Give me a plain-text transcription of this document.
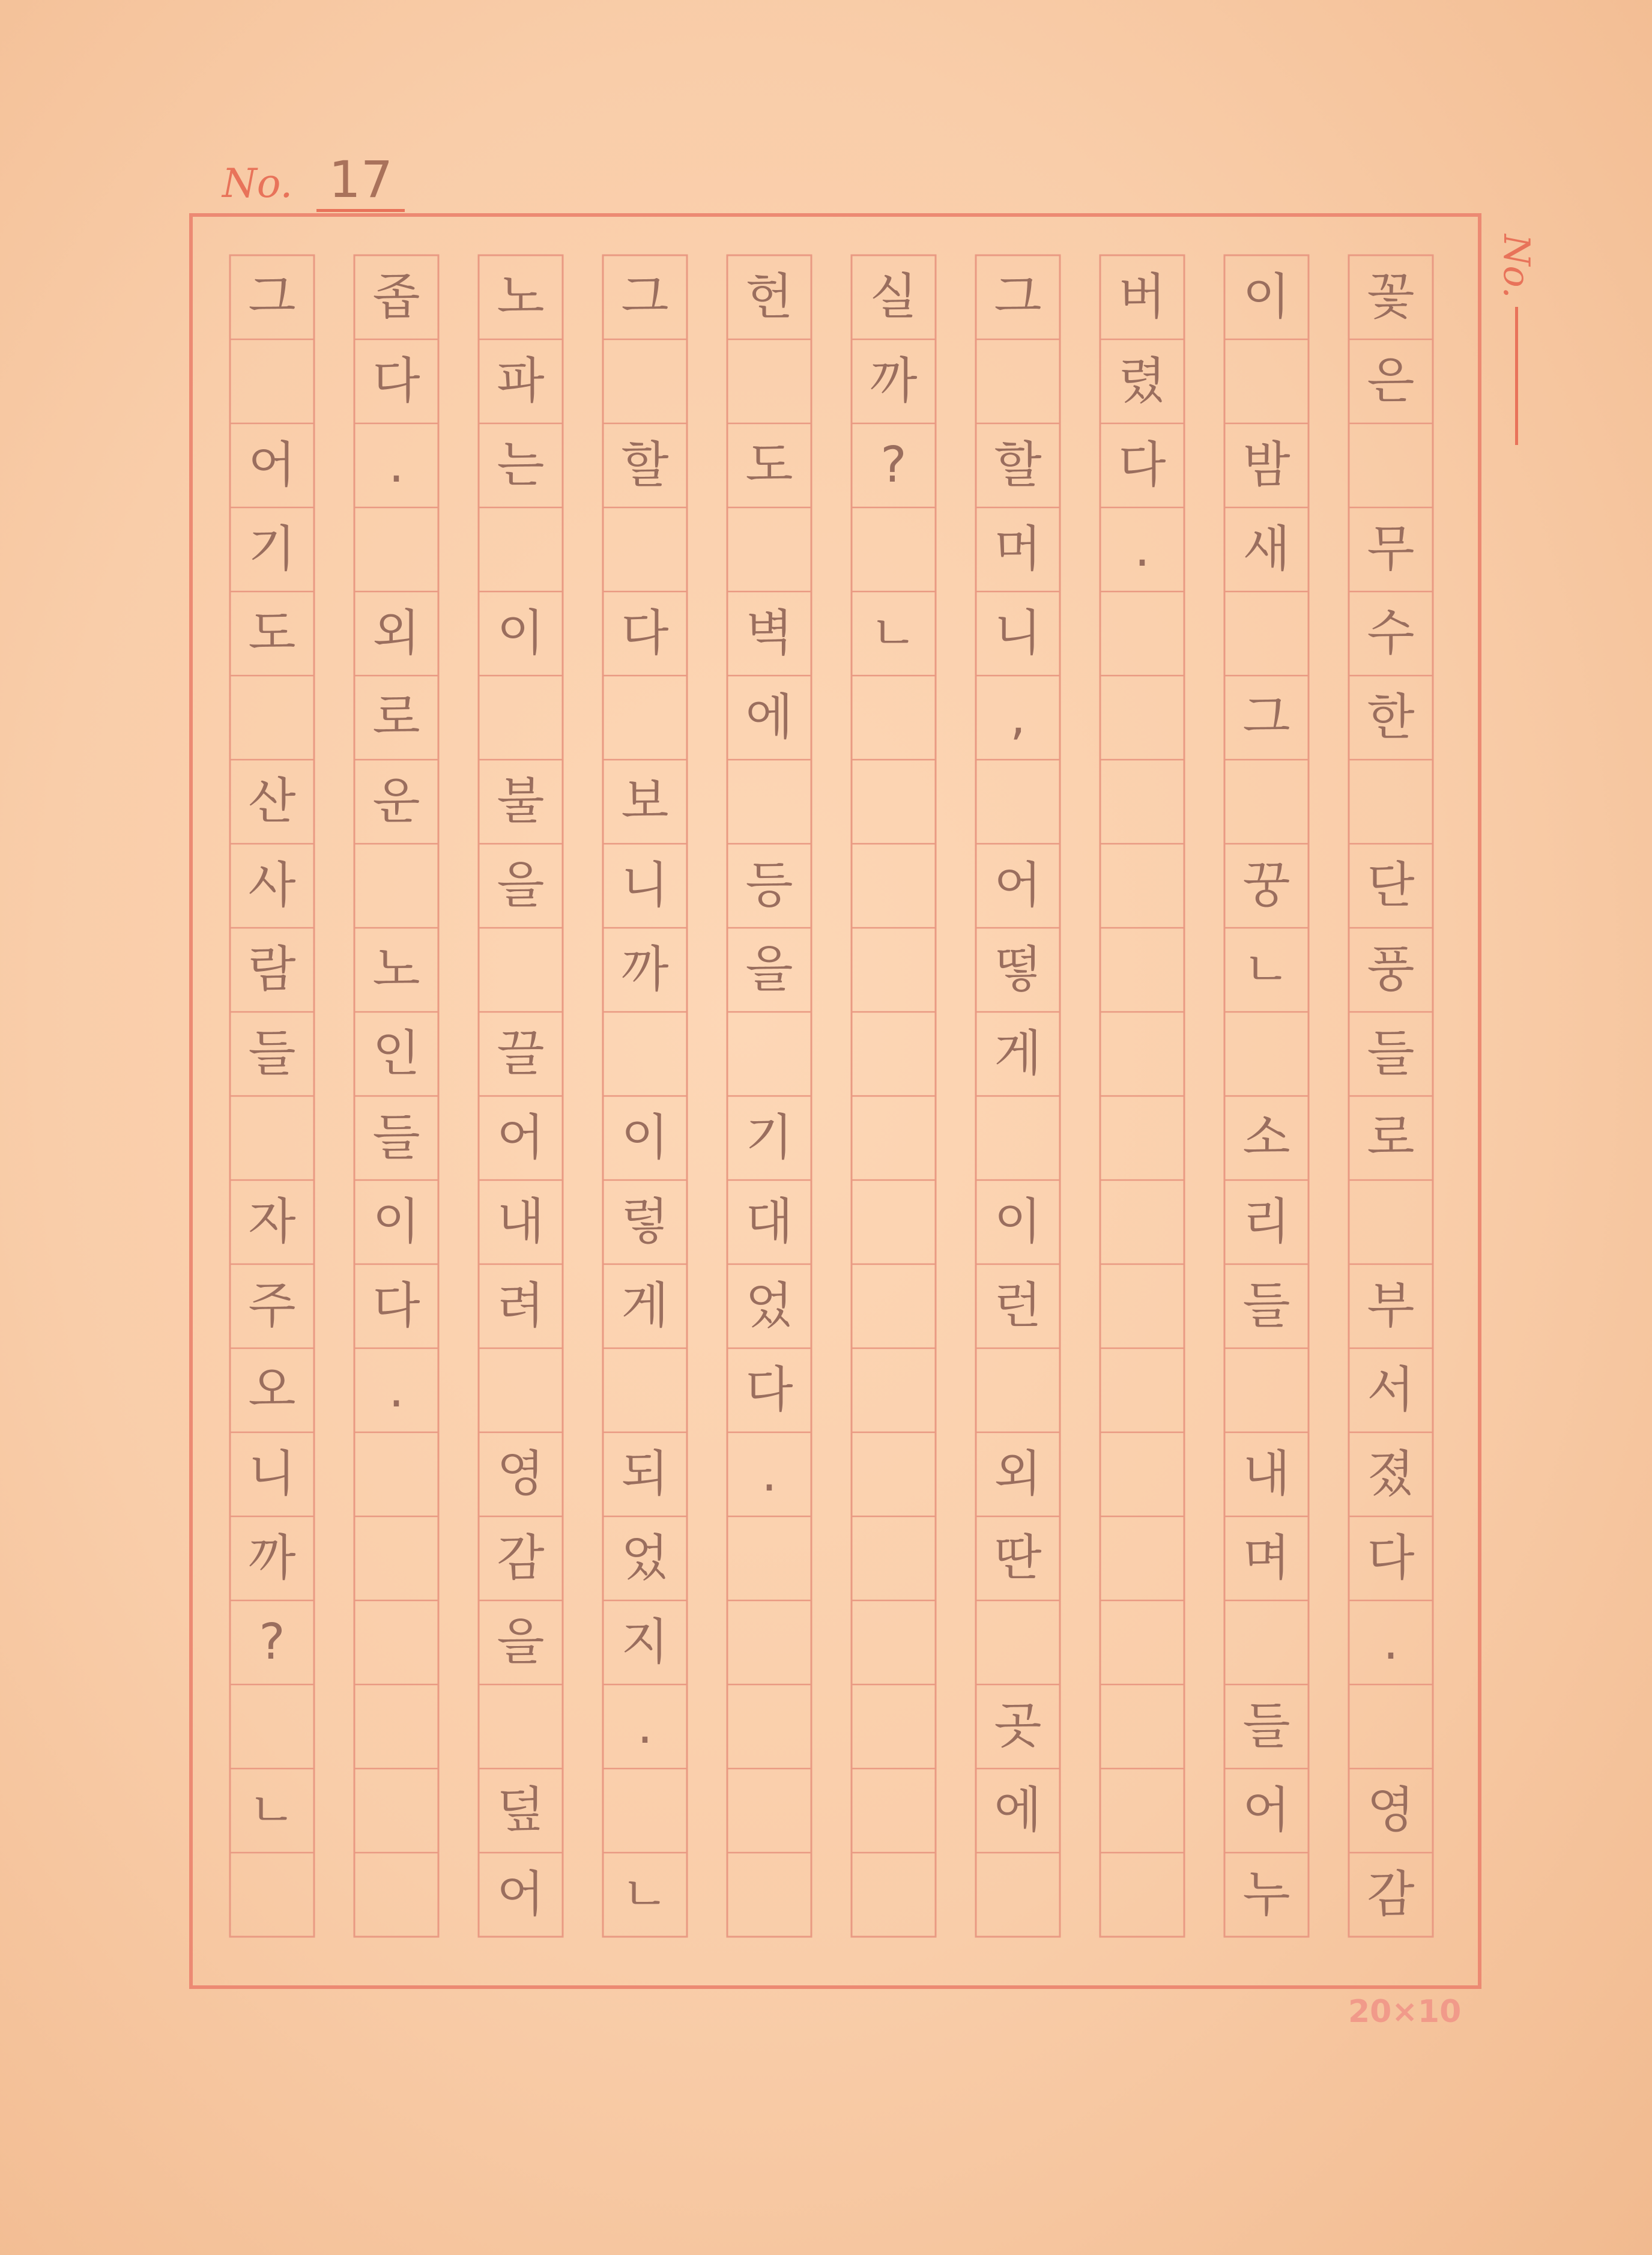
No. 17
No.
꽃
은
무
수
한
단
풍
들
로
부
서
졌
다
.
영
감
이
밤
새
그
꿍
ㄴ
소
리
들
내
며
들
어
누
버
렸
다
.
그
할
머
니
,
어
떻
게
이
런
외
딴
곳
에
실
까
?
ㄴ
헌
도
벽
에
등
을
기
대
었
다
.
그
할
다
보
니
까
이
렇
게
되
었
지
.
ㄴ
노
파
는
이
불
을
끌
어
내
려
영
감
을
덮
어
좁
다
.
외
로
운
노
인
들
이
다
.
그
어
기
도
산
사
람
들
자
주
오
니
까
?
ㄴ
20×10
